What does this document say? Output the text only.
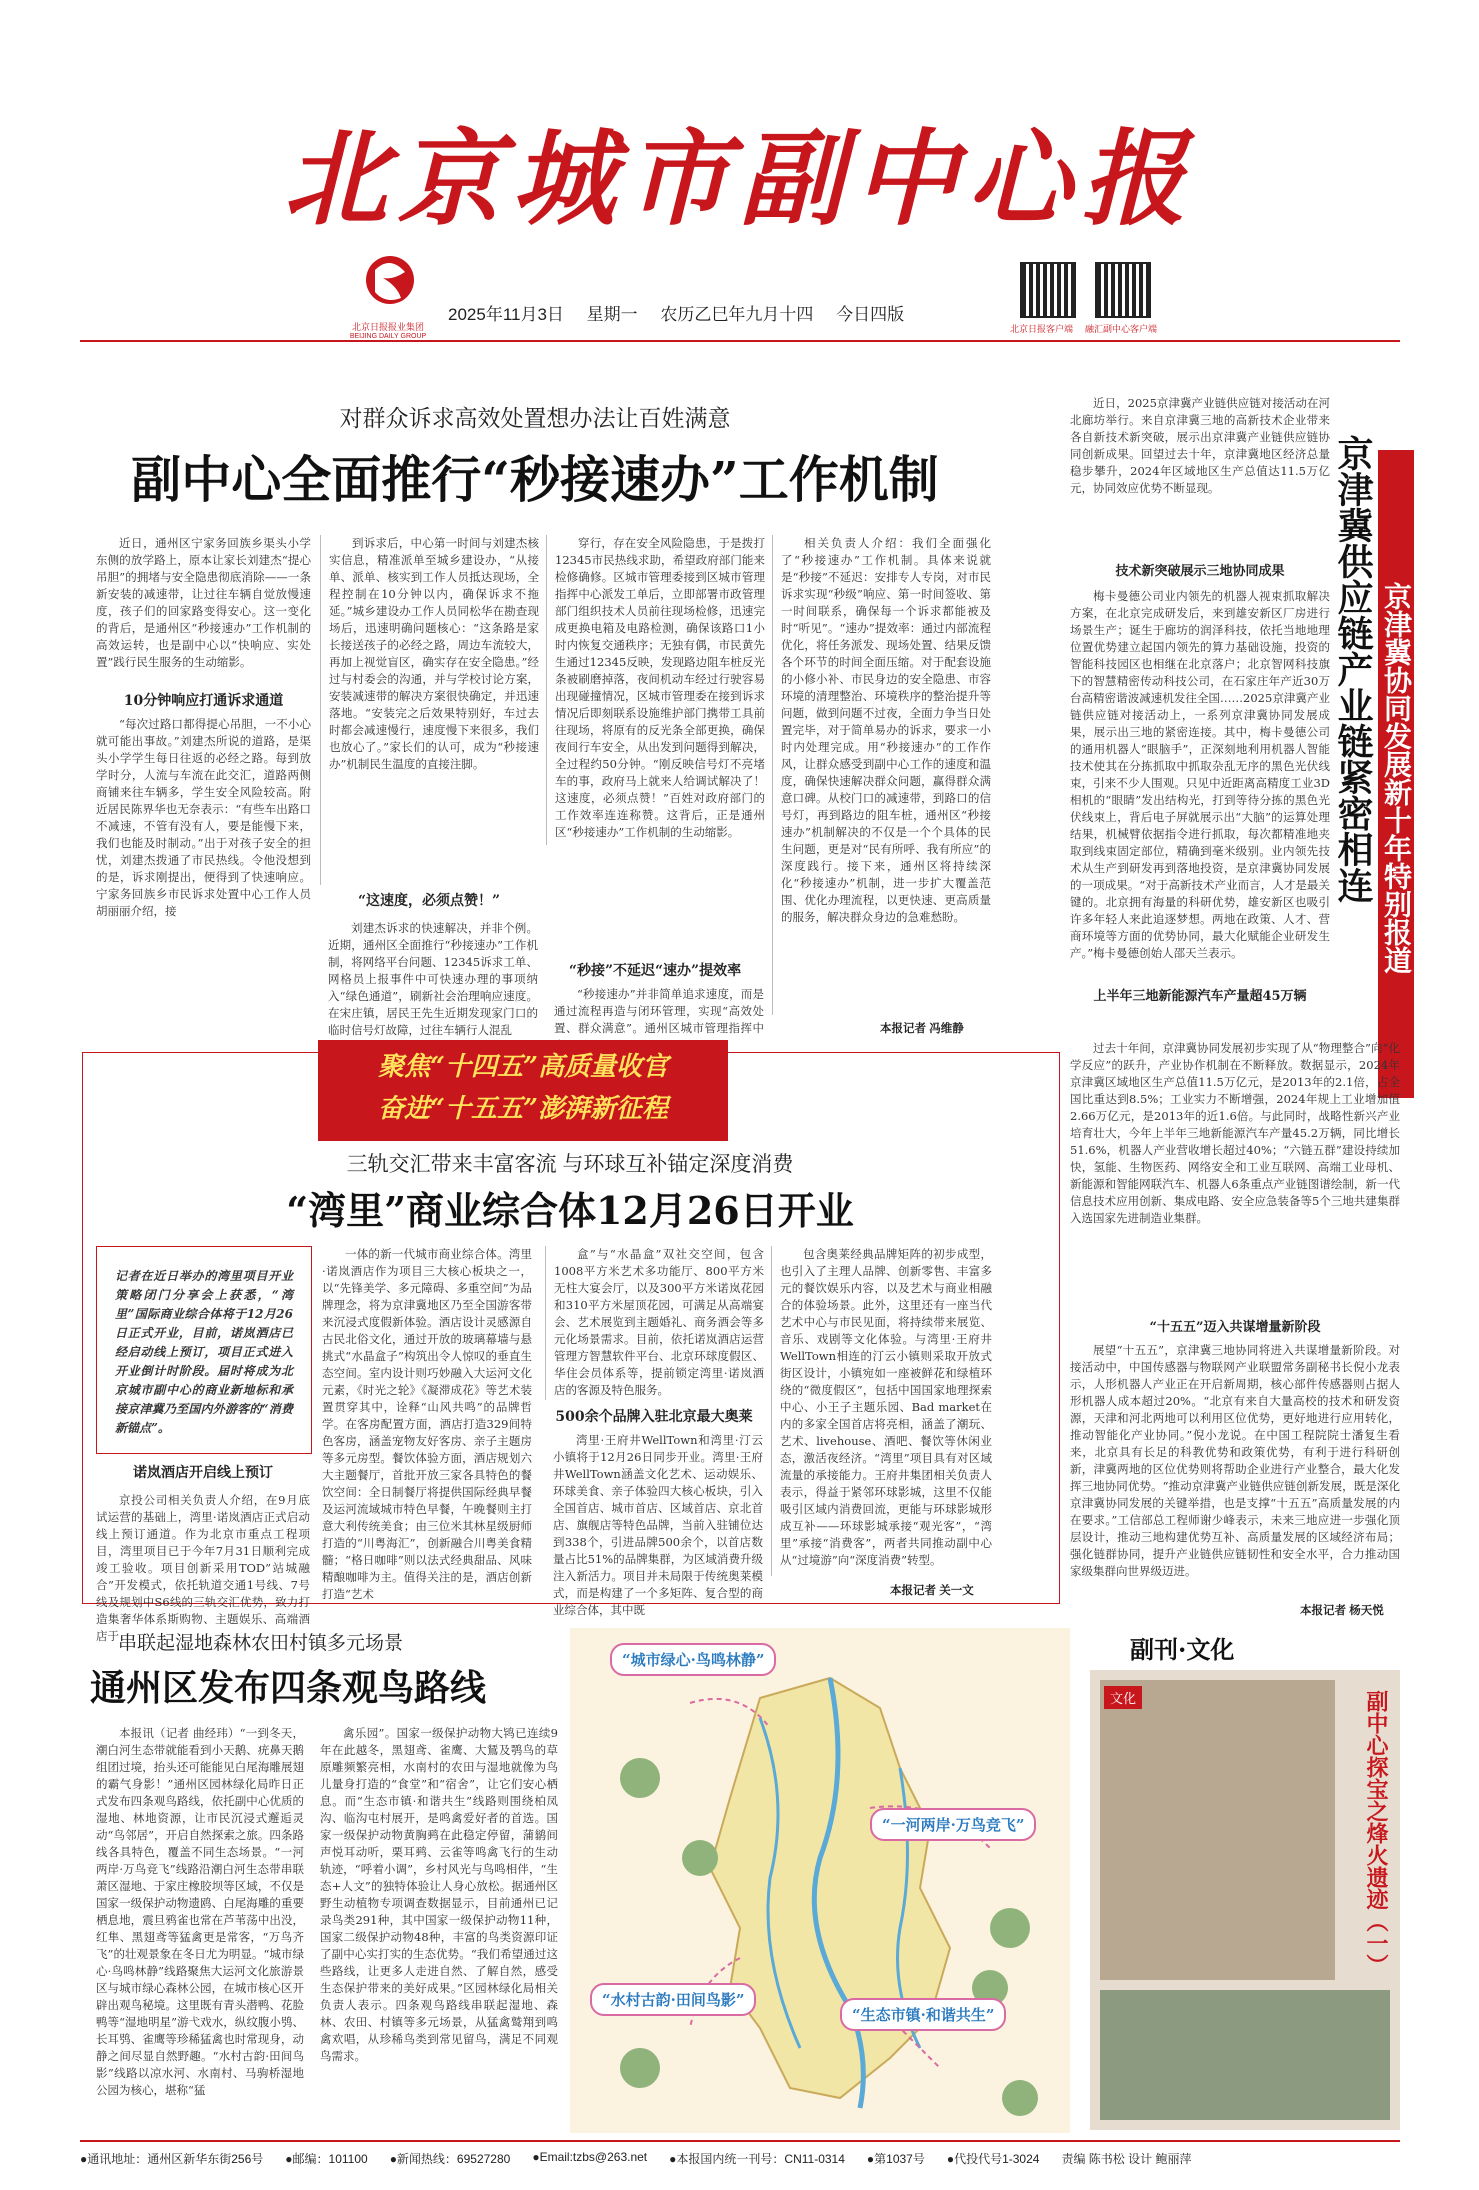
北京城市副中心报
北京日报报业集团
BEIJING DAILY GROUP
2025年11月3日 星期一 农历乙巳年九月十四 今日四版
北京日报客户端 融汇副中心客户端
对群众诉求高效处置想办法让百姓满意
副中心全面推行“秒接速办”工作机制

近日，通州区宁家务回族乡渠头小学东侧的放学路上，原本让家长刘建杰“提心吊胆”的拥堵与安全隐患彻底消除——一条新安装的减速带，让过往车辆自觉放慢速度，孩子们的回家路变得安心。这一变化的背后，是通州区“秒接速办”工作机制的高效运转，也是副中心以“快响应、实处置”践行民生服务的生动缩影。

10分钟响应打通诉求通道

“每次过路口都得提心吊胆，一不小心就可能出事故。”刘建杰所说的道路，是渠头小学学生每日往返的必经之路。每到放学时分，人流与车流在此交汇，道路两侧商铺来往车辆多，学生安全风险较高。附近居民陈界华也无奈表示：“有些车出路口不减速，不管有没有人，要是能慢下来，我们也能及时制动。”出于对孩子安全的担忧，刘建杰拨通了市民热线。令他没想到的是，诉求刚提出，便得到了快速响应。宁家务回族乡市民诉求处置中心工作人员胡丽丽介绍，接

到诉求后，中心第一时间与刘建杰核实信息，精准派单至城乡建设办，“从接单、派单、核实到工作人员抵达现场，全程控制在10分钟以内，确保诉求不拖延。”城乡建设办工作人员同松华在勘查现场后，迅速明确问题核心：“这条路是家长接送孩子的必经之路，周边车流较大，再加上视觉盲区，确实存在安全隐患。”经过与村委会的沟通，并与学校讨论方案，安装减速带的解决方案很快确定，并迅速落地。“安装完之后效果特别好，车过去时都会减速慢行，速度慢下来很多，我们也放心了。”家长们的认可，成为“秒接速办”机制民生温度的直接注脚。

“这速度，必须点赞！”

刘建杰诉求的快速解决，并非个例。近期，通州区全面推行“秒接速办”工作机制，将网络平台问题、12345诉求工单、网格员上报事件中可快速办理的事项纳入“绿色通道”，刷新社会治理响应速度。在宋庄镇，居民王先生近期发现家门口的临时信号灯故障，过往车辆行人混乱

穿行，存在安全风险隐患，于是拨打12345市民热线求助，希望政府部门能来检修确修。区城市管理委接到区城市管理指挥中心派发工单后，立即部署市政管理部门组织技术人员前往现场检修，迅速完成更换电箱及电路检测，确保该路口1小时内恢复交通秩序；无独有偶，市民黄先生通过12345反映，发现路边阻车桩反光条被刷磨掉落，夜间机动车经过行驶容易出现碰撞情况，区城市管理委在接到诉求情况后即刻联系设施维护部门携带工具前往现场，将原有的反光条全部更换，确保夜间行车安全，从出发到问题得到解决，全过程约50分钟。“刚反映信号灯不亮堵车的事，政府马上就来人给调试解决了！这速度，必须点赞！”百姓对政府部门的工作效率连连称赞。这背后，正是通州区“秒接速办”工作机制的生动缩影。

“秒接”不延迟“速办”提效率

“秒接速办”并非简单追求速度，而是通过流程再造与闭环管理，实现“高效处置、群众满意”。通州区城市管理指挥中

相关负责人介绍：我们全面强化了“秒接速办”工作机制。具体来说就是“秒接”不延迟：安排专人专岗，对市民诉求实现“秒级”响应、第一时间签收、第一时间联系，确保每一个诉求都能被及时“听见”。“速办”提效率：通过内部流程优化，将任务派发、现场处置、结果反馈各个环节的时间全面压缩。对于配套设施的小修小补、市民身边的安全隐患、市容环境的清理整治、环境秩序的整治提升等问题，做到问题不过夜，全面力争当日处置完毕，对于简单易办的诉求，要求一小时内处理完成。用“秒接速办”的工作作风，让群众感受到副中心工作的速度和温度，确保快速解决群众问题，赢得群众满意口碑。从校门口的减速带，到路口的信号灯，再到路边的阻车桩，通州区“秒接速办”机制解决的不仅是一个个具体的民生问题，更是对“民有所呼、我有所应”的深度践行。接下来，通州区将持续深化“秒接速办”机制，进一步扩大覆盖范围、优化办理流程，以更快速、更高质量的服务，解决群众身边的急难愁盼。

本报记者 冯维静

近日，2025京津冀产业链供应链对接活动在河北廊坊举行。来自京津冀三地的高新技术企业带来各自新技术新突破，展示出京津冀产业链供应链协同创新成果。回望过去十年，京津冀地区经济总量稳步攀升，2024年区域地区生产总值达11.5万亿元，协同效应优势不断显现。	京津冀供应链产业链紧密相连 京津冀协同发展新十年特别报道
技术新突破展示三地协同成果

梅卡曼德公司业内领先的机器人视束抓取解决方案，在北京完成研发后，来到雄安新区厂房进行场景生产；诞生于廊坊的润泽科技，依托当地地理位置优势建立起国内领先的算力基础设施，投资的智能科技园区也相继在北京落户；北京智网科技旗下的智慧精密传动科技公司，在石家庄年产近30万台高精密谐波减速机发往全国……2025京津冀产业链供应链对接活动上，一系列京津冀协同发展成果，展示出三地的紧密连接。其中，梅卡曼德公司的通用机器人“眼脑手”，正深刻地利用机器人智能技术使其在分拣抓取中抓取杂乱无序的黑色光伏线束，引来不少人围观。只见中近距离高精度工业3D相机的“眼睛”发出结构光，打到等待分拣的黑色光伏线束上，背后电子屏就展示出“大脑”的运算处理结果，机械臂依据指令进行抓取，每次都精准地夹取到线束固定部位，精确到毫米级别。业内领先技术从生产到研发再到落地投资，是京津冀协同发展的一项成果。“对于高新技术产业而言，人才是最关键的。北京拥有海量的科研优势，雄安新区也吸引许多年轻人来此追逐梦想。两地在政策、人才、营商环境等方面的优势协同，最大化赋能企业研发生产。”梅卡曼德创始人邵天兰表示。

上半年三地新能源汽车产量超45万辆

过去十年间，京津冀协同发展初步实现了从“物理整合”向“化学反应”的跃升，产业协作机制在不断释放。数据显示，2024年京津冀区域地区生产总值11.5万亿元，是2013年的2.1倍，占全国比重达到8.5%；工业实力不断增强，2024年规上工业增加值2.66万亿元，是2013年的近1.6倍。与此同时，战略性新兴产业培育壮大，今年上半年三地新能源汽车产量45.2万辆，同比增长51.6%，机器人产业营收增长超过40%；“六链五群”建设持续加快，氢能、生物医药、网络安全和工业互联网、高端工业母机、新能源和智能网联汽车、机器人6条重点产业链图谱绘制，新一代信息技术应用创新、集成电路、安全应急装备等5个三地共建集群入选国家先进制造业集群。

“十五五”迈入共谋增量新阶段

展望“十五五”，京津冀三地协同将进入共谋增量新阶段。对接活动中，中国传感器与物联网产业联盟常务副秘书长倪小龙表示，人形机器人产业正在开启新周期，核心部件传感器则占据人形机器人成本超过20%。“北京有来自大量高校的技术和研发资源，天津和河北两地可以利用区位优势，更好地进行应用转化，推动智能化产业协同。”倪小龙说。在中国工程院院士潘复生看来，北京具有长足的科教优势和政策优势，有利于进行科研创新，津冀两地的区位优势则将帮助企业进行产业整合，最大化发挥三地协同优势。“推动京津冀产业链供应链创新发展，既是深化京津冀协同发展的关键举措，也是支撑“十五五”高质量发展的内在要求。”工信部总工程师谢少峰表示，未来三地应进一步强化顶层设计，推动三地构建优势互补、高质量发展的区域经济布局；强化链群协同，提升产业链供应链韧性和安全水平，合力推动国家级集群向世界级迈进。

本报记者 杨天悦
聚焦“十四五”高质量收官
奋进“十五五”澎湃新征程
三轨交汇带来丰富客流 与环球互补锚定深度消费
“湾里”商业综合体12月26日开业
记者在近日举办的湾里项目开业策略闭门分享会上获悉，“湾里”国际商业综合体将于12月26日正式开业，目前，诺岚酒店已经启动线上预订，项目正式进入开业倒计时阶段。届时将成为北京城市副中心的商业新地标和承接京津冀乃至国内外游客的“消费新锚点”。
诺岚酒店开启线上预订

京投公司相关负责人介绍，在9月底试运营的基础上，湾里·诺岚酒店正式启动线上预订通道。作为北京市重点工程项目，湾里项目已于今年7月31日顺利完成竣工验收。项目创新采用TOD”站城融合”开发模式，依托轨道交通1号线、7号线及规划中S6线的三轨交汇优势，致力打造集奢华体系斯购物、主题娱乐、高端酒店于

一体的新一代城市商业综合体。湾里·诺岚酒店作为项目三大核心板块之一，以“先锋美学、多元障碍、多重空间”为品牌理念，将为京津冀地区乃至全国游客带来沉浸式度假新体验。酒店设计灵感源自古民北俗文化，通过开放的玻璃幕墙与悬挑式“水晶盒子”构筑出令人惊叹的垂直生态空间。室内设计则巧妙融入大运河文化元素，《时光之轮》《凝滞成花》等艺术装置贯穿其中，诠释“山风共鸣”的品牌哲学。在客房配置方面，酒店打造329间特色客房，涵盖宠物友好客房、亲子主题房等多元房型。餐饮体验方面，酒店规划六大主题餐厅，首批开放三家各具特色的餐饮空间：全日制餐厅将提供国际经典早餐及运河流域城市特色早餐，午晚餐则主打意大利传统美食；由三位米其林星级厨师打造的“川粤海汇”，创新融合川粤美食精髓；“格日咖啡”则以法式经典甜品、风味精酿咖啡为主。值得关注的是，酒店创新打造“艺术

盒”与“水晶盒”双社交空间，包含1008平方米艺术多功能厅、800平方米无柱大宴会厅，以及300平方米诺岚花园和310平方米屋顶花园，可满足从高端宴会、艺术展览到主题婚礼、商务酒会等多元化场景需求。目前，依托诺岚酒店运营管理方智慧软件平台、北京环球度假区、华住会员体系等，提前锁定湾里·诺岚酒店的客源及特色服务。

500余个品牌入驻北京最大奥莱

湾里·王府井WellTown和湾里·汀云小镇将于12月26日同步开业。湾里·王府井WellTown涵盖文化艺术、运动娱乐、环球美食、亲子体验四大核心板块，引入全国首店、城市首店、区域首店、京北首店、旗舰店等特色品牌，当前入驻铺位达到338个，引进品牌500余个，以首店数量占比51%的品牌集群，为区域消费升级注入新活力。项目并未局限于传统奥莱模式，而是构建了一个多矩阵、复合型的商业综合体，其中既

包含奥莱经典品牌矩阵的初步成型，也引入了主理人品牌、创新零售、丰富多元的餐饮娱乐内容，以及艺术与商业相融合的体验场景。此外，这里还有一座当代艺术中心与市民见面，将持续带来展览、音乐、戏剧等文化体验。与湾里·王府井WellTown相连的汀云小镇则采取开放式街区设计，小镇宛如一座被鲜花和绿植环绕的“微度假区”，包括中国国家地理探索中心、小王子主题乐园、Bad market在内的多家全国首店将亮相，涵盖了潮玩、艺术、livehouse、酒吧、餐饮等休闲业态，激活夜经济。“湾里”项目具有对区域流量的承接能力。王府井集团相关负责人表示，得益于紧邻环球影城，这里不仅能吸引区域内消费回流，更能与环球影城形成互补——环球影城承接“观光客”，“湾里”承接“消费客”，两者共同推动副中心从“过境游”向“深度消费”转型。

本报记者 关一文
串联起湿地森林农田村镇多元场景
通州区发布四条观鸟路线

本报讯（记者 曲经玮）“一到冬天，潮白河生态带就能看到小天鹅、疣鼻天鹅组团过境，抬头还可能能见白尾海雕展翅的霸气身影！”通州区园林绿化局昨日正式发布四条观鸟路线，依托副中心优质的湿地、林地资源，让市民沉浸式邂逅灵动“鸟邻居”，开启自然探索之旅。四条路线各具特色，覆盖不同生态场景。“一河两岸·万鸟竞飞”线路沿潮白河生态带串联萧区湿地、于家庄橡胶坝等区域，不仅是国家一级保护动物遗鸥、白尾海雕的重要栖息地，震旦鸦雀也常在芦苇荡中出没，红隼、黑翅鸢等猛禽更是常客，“万鸟齐飞”的壮观景象在冬日尤为明显。“城市绿心·鸟鸣林静”线路聚焦大运河文化旅游景区与城市绿心森林公园，在城市核心区开辟出观鸟秘境。这里既有青头潜鸭、花脸鸭等“湿地明星”游弋戏水，纵纹腹小鸮、长耳鸮、雀鹰等珍稀猛禽也时常现身，动静之间尽显自然野趣。“水村古韵·田间鸟影”线路以凉水河、水南村、马驹桥湿地公园为核心，堪称“猛

禽乐园”。国家一级保护动物大鸨已连续9年在此越冬，黑翅鸢、雀鹰、大鵟及鹗鸟的草原雕频繁亮相，水南村的农田与湿地就像为鸟儿量身打造的“食堂”和“宿舍”，让它们安心栖息。而“生态市镇·和谐共生”线路则围绕柏凤沟、临沟屯村展开，是鸣禽爱好者的首选。国家一级保护动物黄胸鹀在此稳定停留，蒲鹟间声悦耳动听，栗耳鹀、云雀等鸣禽飞行的生动轨迹，“呼着小调”，乡村风光与鸟鸣相伴，“生态+人文”的独特体验让人身心放松。据通州区野生动植物专项调查数据显示，目前通州已记录鸟类291种，其中国家一级保护动物11种，国家二级保护动物48种，丰富的鸟类资源印证了副中心实打实的生态优势。“我们希望通过这些路线，让更多人走进自然、了解自然，感受生态保护带来的美好成果。”区园林绿化局相关负责人表示。四条观鸟路线串联起湿地、森林、农田、村镇等多元场景，从猛禽鹫翔到鸣禽欢唱，从珍稀鸟类到常见留鸟，满足不同观鸟需求。

“城市绿心·鸟鸣林静”
“一河两岸·万鸟竞飞”
“水村古韵·田间鸟影”
“生态市镇·和谐共生”
副刊·文化
文化	副中心探宝之烽火遗迹（一）
●通讯地址：通州区新华东街256号 ●邮编：101100 ●新闻热线：69527280 ●Email:tzbs@263.net ●本报国内统一刊号：CN11-0314 ●第1037号 ●代投代号1-3024 责编 陈书松 设计 鲍丽萍
